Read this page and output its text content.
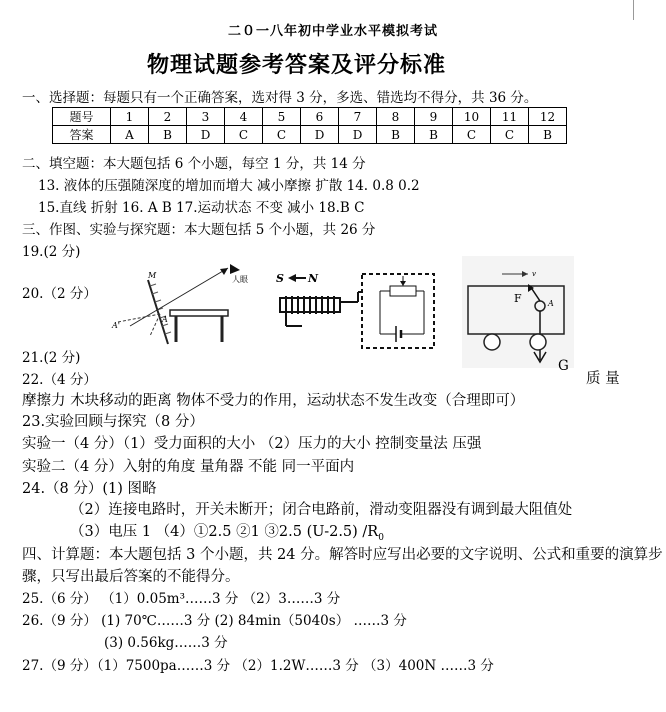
二０一八年初中学业水平模拟考试
物理试题参考答案及评分标准
一、选择题：每题只有一个正确答案，选对得 3 分，多选、错选均不得分，共 36 分。
题号	1	2	3	4	5	6	7	8	9	10	11	12
答案	A	B	D	C	C	D	D	B	B	C	C	B
二、填空题：本大题包括 6 个小题，每空 1 分，共 14 分
13. 液体的压强随深度的增加而增大 减小摩擦 扩散 14. 0.8 0.2
15.直线 折射 16. A B 17.运动状态 不变 减小 18.B C
三、作图、实验与探究题：本大题包括 5 个小题，共 26 分
19.(2 分)
20.（2 分）
M
A
A'
人眼	S N	v
F	A
G
21.(2 分)
22.（4 分）	质 量
摩擦力 木块移动的距离 物体不受力的作用，运动状态不发生改变（合理即可）
23.实验回顾与探究（8 分）
实验一（4 分）（1）受力面积的大小 （2）压力的大小 控制变量法 压强
实验二（4 分）入射的角度 量角器 不能 同一平面内
24.（8 分）(1) 图略
（2）连接电路时，开关未断开；闭合电路前，滑动变阻器没有调到最大阻值处
（3）电压 1 （4）①2.5 ②1 ③2.5 (U-2.5) $/R_0$
四、计算题：本大题包括 3 个小题，共 24 分。解答时应写出必要的文字说明、公式和重要的演算步
骤，只写出最后答案的不能得分。
25.（6 分） （1）0.05m³……3 分 （2）3……3 分
26.（9 分） (1) 70℃……3 分 (2) 84min（5040s） ……3 分
(3) 0.56kg……3 分
27.（9 分）（1）7500pa……3 分 （2）1.2W……3 分 （3）400N ……3 分
